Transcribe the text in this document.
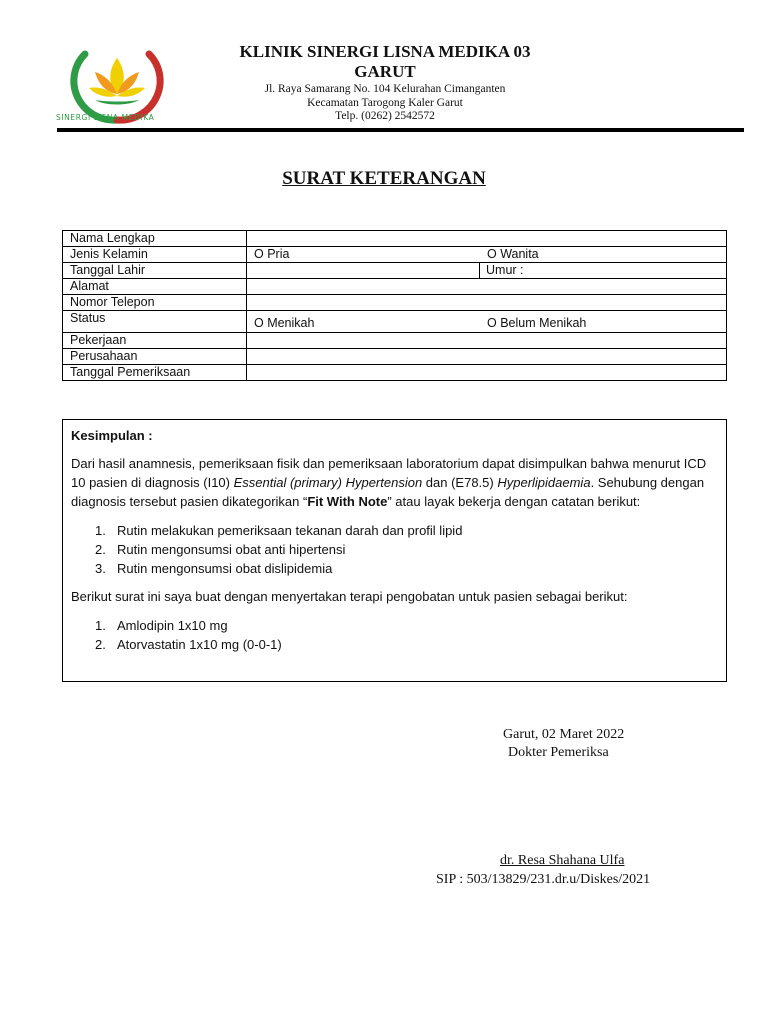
SINERGI LISNA MEDIKA
KLINIK SINERGI LISNA MEDIKA 03
GARUT
Jl. Raya Samarang No. 104 Kelurahan Cimanganten
Kecamatan Tarogong Kaler Garut
Telp. (0262) 2542572
SURAT KETERANGAN
Nama Lengkap	
Jenis Kelamin	O Pria O Wanita

Tanggal Lahir	Umur :

Alamat	
Nomor Telepon	
Status	O Menikah O Belum Menikah

Pekerjaan	
Perusahaan	
Tanggal Pemeriksaan	

Kesimpulan :

Dari hasil anamnesis, pemeriksaan fisik dan pemeriksaan laboratorium dapat disimpulkan bahwa menurut ICD 10 pasien di diagnosis (I10) Essential (primary) Hypertension dan (E78.5) Hyperlipidaemia. Sehubung dengan diagnosis tersebut pasien dikategorikan “Fit With Note” atau layak bekerja dengan catatan berikut:

1. Rutin melakukan pemeriksaan tekanan darah dan profil lipid
2. Rutin mengonsumsi obat anti hipertensi
3. Rutin mengonsumsi obat dislipidemia

Berikut surat ini saya buat dengan menyertakan terapi pengobatan untuk pasien sebagai berikut:

1. Amlodipin 1x10 mg
2. Atorvastatin 1x10 mg (0-0-1)
Garut, 02 Maret 2022
Dokter Pemeriksa
dr. Resa Shahana Ulfa
SIP : 503/13829/231.dr.u/Diskes/2021
